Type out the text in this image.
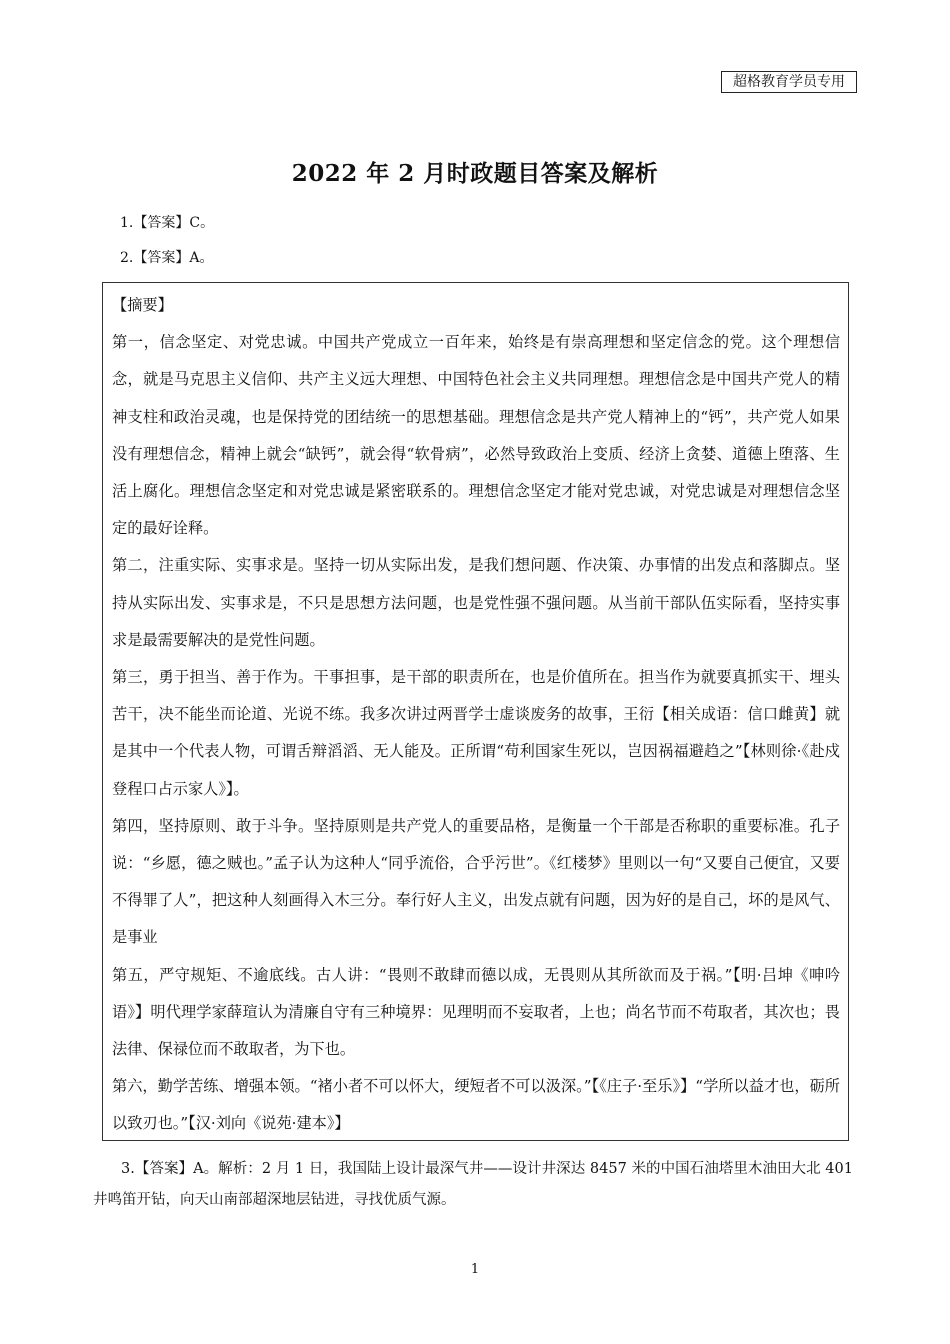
超格教育学员专用
2022 年 2 月时政题目答案及解析
1.【答案】C。
2.【答案】A。

【摘要】

第一，信念坚定、对党忠诚。中国共产党成立一百年来，始终是有崇高理想和坚定信念的党。这个理想信念，就是马克思主义信仰、共产主义远大理想、中国特色社会主义共同理想。理想信念是中国共产党人的精神支柱和政治灵魂，也是保持党的团结统一的思想基础。理想信念是共产党人精神上的“钙”，共产党人如果没有理想信念，精神上就会“缺钙”，就会得“软骨病”，必然导致政治上变质、经济上贪婪、道德上堕落、生活上腐化。理想信念坚定和对党忠诚是紧密联系的。理想信念坚定才能对党忠诚，对党忠诚是对理想信念坚定的最好诠释。

第二，注重实际、实事求是。坚持一切从实际出发，是我们想问题、作决策、办事情的出发点和落脚点。坚持从实际出发、实事求是，不只是思想方法问题，也是党性强不强问题。从当前干部队伍实际看，坚持实事求是最需要解决的是党性问题。

第三，勇于担当、善于作为。干事担事，是干部的职责所在，也是价值所在。担当作为就要真抓实干、埋头苦干，决不能坐而论道、光说不练。我多次讲过两晋学士虚谈废务的故事，王衍【相关成语：信口雌黄】就是其中一个代表人物，可谓舌辩滔滔、无人能及。正所谓“苟利国家生死以，岂因祸福避趋之”【林则徐·《赴戍登程口占示家人》】。

第四，坚持原则、敢于斗争。坚持原则是共产党人的重要品格，是衡量一个干部是否称职的重要标准。孔子说：“乡愿，德之贼也。”孟子认为这种人“同乎流俗，合乎污世”。《红楼梦》里则以一句“又要自己便宜，又要不得罪了人”，把这种人刻画得入木三分。奉行好人主义，出发点就有问题，因为好的是自己，坏的是风气、是事业

第五，严守规矩、不逾底线。古人讲：“畏则不敢肆而德以成，无畏则从其所欲而及于祸。”【明·吕坤《呻吟语》】明代理学家薛瑄认为清廉自守有三种境界：见理明而不妄取者，上也；尚名节而不苟取者，其次也；畏法律、保禄位而不敢取者，为下也。

第六，勤学苦练、增强本领。“褚小者不可以怀大，绠短者不可以汲深。”【《庄子·至乐》】“学所以益才也，砺所以致刃也。”【汉·刘向《说苑·建本》】

3.【答案】A。解析：2 月 1 日，我国陆上设计最深气井——设计井深达 8457 米的中国石油塔里木油田大北 401 井鸣笛开钻，向天山南部超深地层钻进，寻找优质气源。

1
